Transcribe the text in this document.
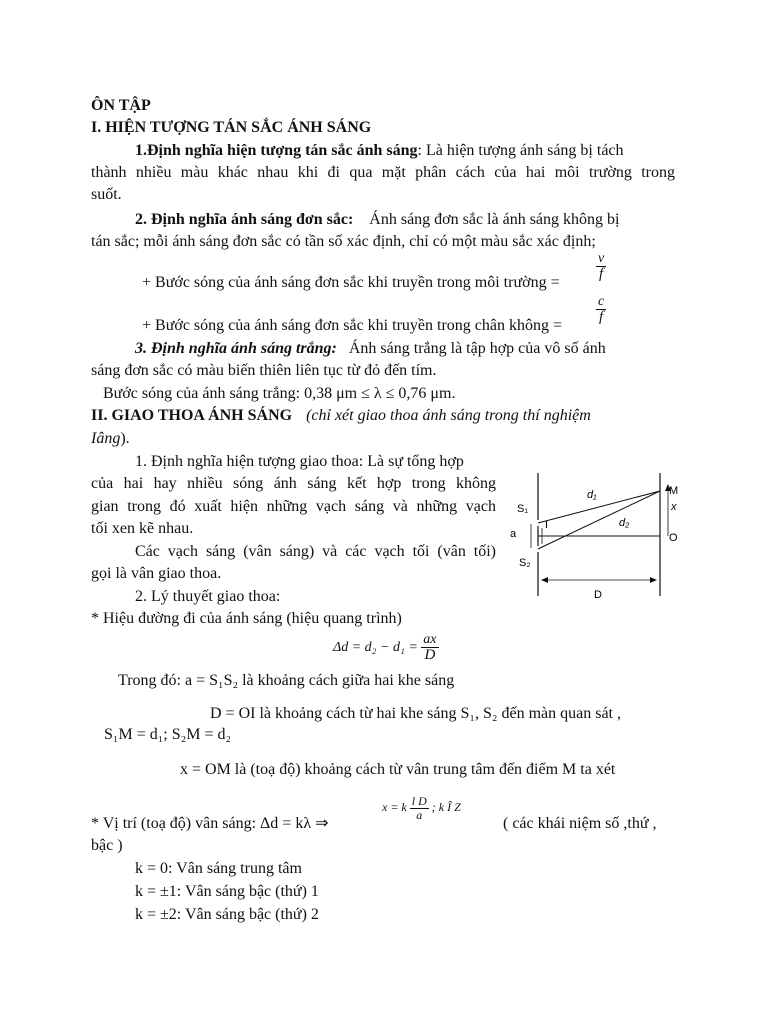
ÔN TẬP
I. HIỆN TƯỢNG TÁN SẮC ÁNH SÁNG
1.Định nghĩa hiện tượng tán sắc ánh sáng: Là hiện tượng ánh sáng bị tách
thành nhiều màu khác nhau khi đi qua mặt phân cách của hai môi trường trong
suốt.
2. Định nghĩa ánh sáng đơn sắc: Ánh sáng đơn sắc là ánh sáng không bị
tán sắc; mỗi ánh sáng đơn sắc có tần số xác định, chỉ có một màu sắc xác định;
+ Bước sóng của ánh sáng đơn sắc khi truyền trong môi trường =
$\frac{v}{f}$
+ Bước sóng của ánh sáng đơn sắc khi truyền trong chân không =
$\frac{c}{f}$
3. Định nghĩa ánh sáng trắng: Ánh sáng trắng là tập hợp của vô số ánh
sáng đơn sắc có màu biến thiên liên tục từ đỏ đến tím.
Bước sóng của ánh sáng trắng: 0,38 μm ≤ λ ≤ 0,76 μm.
II. GIAO THOA ÁNH SÁNG (chỉ xét giao thoa ánh sáng trong thí nghiệm
Iâng).
1. Định nghĩa hiện tượng giao thoa: Là sự tổng hợp
của hai hay nhiều sóng ánh sáng kết hợp trong không
gian trong đó xuất hiện những vạch sáng và những vạch
tối xen kẽ nhau.
Các vạch sáng (vân sáng) và các vạch tối (vân tối)
gọi là vân giao thoa.
2. Lý thuyết giao thoa:
* Hiệu đường đi của ánh sáng (hiệu quang trình)
S₁
S₂
a
I
d₁
d₂
M
x
O
D
$\Delta d = d_2 - d_1 = \frac{ax}{D}$
Trong đó: a = S₁S₂ là khoảng cách giữa hai khe sáng
D = OI là khoảng cách từ hai khe sáng S₁, S₂ đến màn quan sát ,
S₁M = d₁; S₂M = d₂
x = OM là (toạ độ) khoảng cách từ vân trung tâm đến điểm M ta xét
* Vị trí (toạ độ) vân sáng: Δd = kλ ⇒
x = k $\frac{\text{l D}}{a}$ ; k Î Z
( các khái niệm số ,thứ ,
bậc )
k = 0: Vân sáng trung tâm
k = ±1: Vân sáng bậc (thứ) 1
k = ±2: Vân sáng bậc (thứ) 2
